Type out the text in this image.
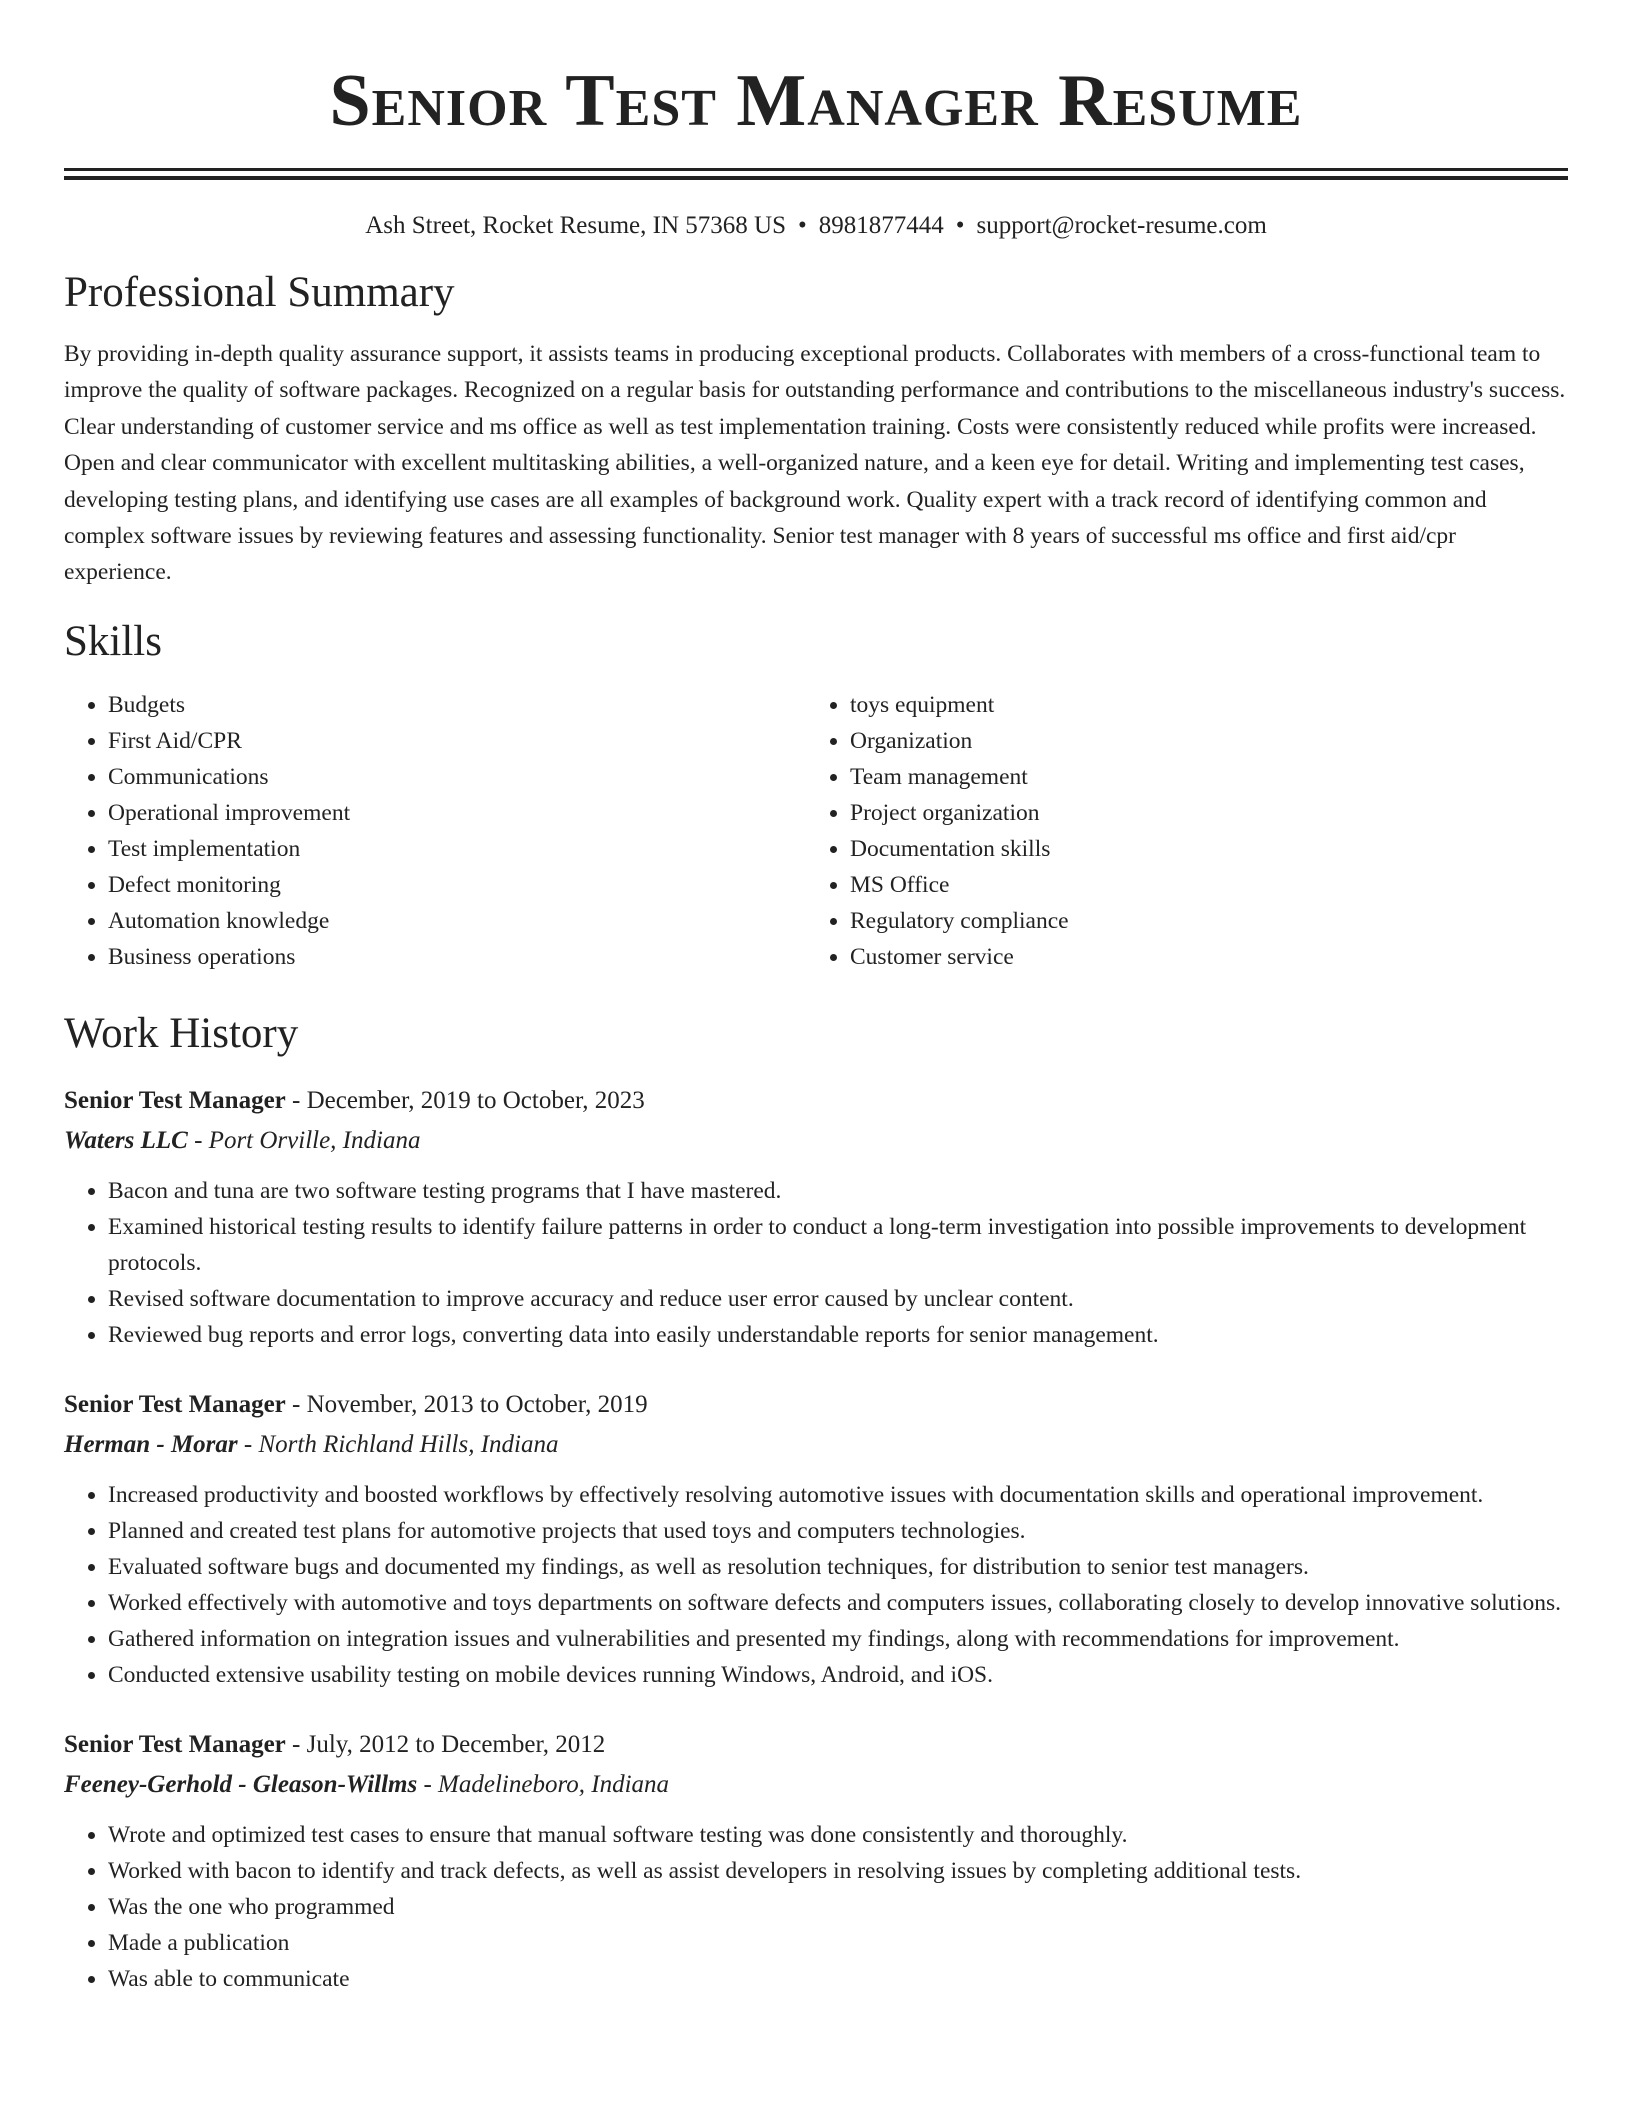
Senior Test Manager Resume
Ash Street, Rocket Resume, IN 57368 US • 8981877444 • support@rocket-resume.com
Professional Summary

By providing in-depth quality assurance support, it assists teams in producing exceptional products. Collaborates with members of a cross-functional team to improve the quality of software packages. Recognized on a regular basis for outstanding performance and contributions to the miscellaneous industry's success. Clear understanding of customer service and ms office as well as test implementation training. Costs were consistently reduced while profits were increased. Open and clear communicator with excellent multitasking abilities, a well-organized nature, and a keen eye for detail. Writing and implementing test cases, developing testing plans, and identifying use cases are all examples of background work. Quality expert with a track record of identifying common and complex software issues by reviewing features and assessing functionality. Senior test manager with 8 years of successful ms office and first aid/cpr experience.

Skills
• Budgets
• First Aid/CPR
• Communications
• Operational improvement
• Test implementation
• Defect monitoring
• Automation knowledge
• Business operations
• toys equipment
• Organization
• Team management
• Project organization
• Documentation skills
• MS Office
• Regulatory compliance
• Customer service
Work History
Senior Test Manager - December, 2019 to October, 2023
Waters LLC - Port Orville, Indiana
• Bacon and tuna are two software testing programs that I have mastered.
• Examined historical testing results to identify failure patterns in order to conduct a long-term investigation into possible improvements to development protocols.
• Revised software documentation to improve accuracy and reduce user error caused by unclear content.
• Reviewed bug reports and error logs, converting data into easily understandable reports for senior management.
Senior Test Manager - November, 2013 to October, 2019
Herman - Morar - North Richland Hills, Indiana
• Increased productivity and boosted workflows by effectively resolving automotive issues with documentation skills and operational improvement.
• Planned and created test plans for automotive projects that used toys and computers technologies.
• Evaluated software bugs and documented my findings, as well as resolution techniques, for distribution to senior test managers.
• Worked effectively with automotive and toys departments on software defects and computers issues, collaborating closely to develop innovative solutions.
• Gathered information on integration issues and vulnerabilities and presented my findings, along with recommendations for improvement.
• Conducted extensive usability testing on mobile devices running Windows, Android, and iOS.
Senior Test Manager - July, 2012 to December, 2012
Feeney-Gerhold - Gleason-Willms - Madelineboro, Indiana
• Wrote and optimized test cases to ensure that manual software testing was done consistently and thoroughly.
• Worked with bacon to identify and track defects, as well as assist developers in resolving issues by completing additional tests.
• Was the one who programmed
• Made a publication
• Was able to communicate
